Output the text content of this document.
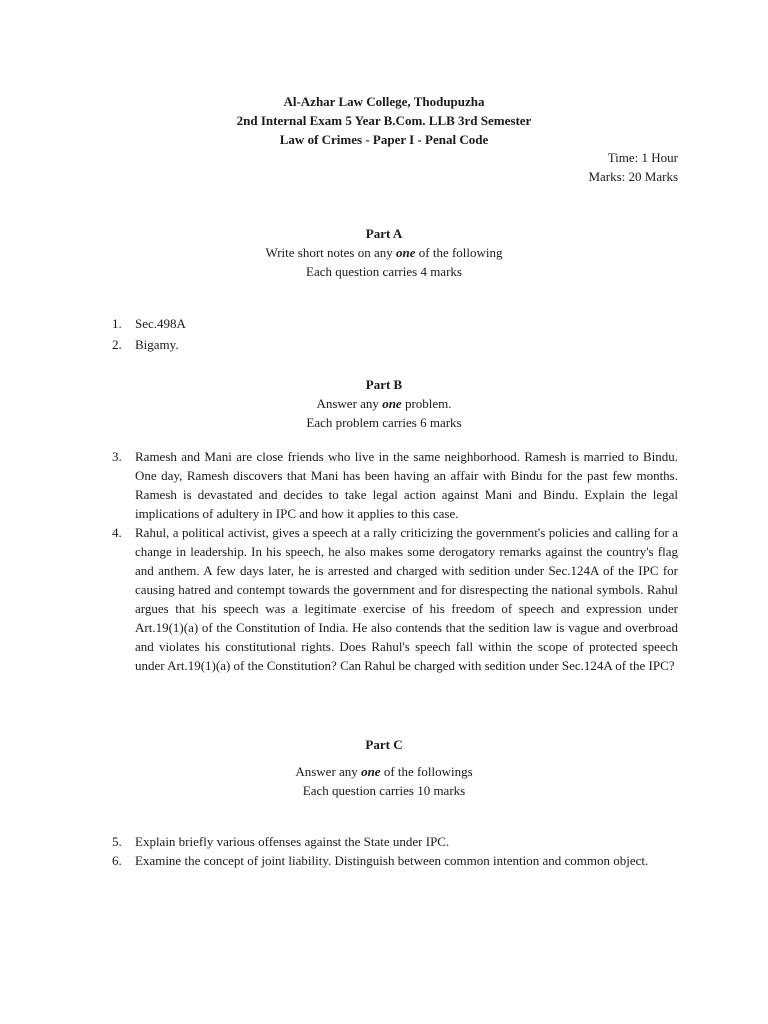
Al-Azhar Law College, Thodupuzha
2nd Internal Exam 5 Year B.Com. LLB 3rd Semester
Law of Crimes - Paper I - Penal Code
Time: 1 Hour
Marks: 20 Marks
Part A
Write short notes on any one of the following
Each question carries 4 marks
1. Sec.498A
2. Bigamy.
Part B
Answer any one problem.
Each problem carries 6 marks
3. Ramesh and Mani are close friends who live in the same neighborhood. Ramesh is married to Bindu. One day, Ramesh discovers that Mani has been having an affair with Bindu for the past few months. Ramesh is devastated and decides to take legal action against Mani and Bindu. Explain the legal implications of adultery in IPC and how it applies to this case.
4. Rahul, a political activist, gives a speech at a rally criticizing the government's policies and calling for a change in leadership. In his speech, he also makes some derogatory remarks against the country's flag and anthem. A few days later, he is arrested and charged with sedition under Sec.124A of the IPC for causing hatred and contempt towards the government and for disrespecting the national symbols. Rahul argues that his speech was a legitimate exercise of his freedom of speech and expression under Art.19(1)(a) of the Constitution of India. He also contends that the sedition law is vague and overbroad and violates his constitutional rights. Does Rahul's speech fall within the scope of protected speech under Art.19(1)(a) of the Constitution? Can Rahul be charged with sedition under Sec.124A of the IPC?
Part C
Answer any one of the followings
Each question carries 10 marks
5. Explain briefly various offenses against the State under IPC.
6. Examine the concept of joint liability. Distinguish between common intention and common object.
